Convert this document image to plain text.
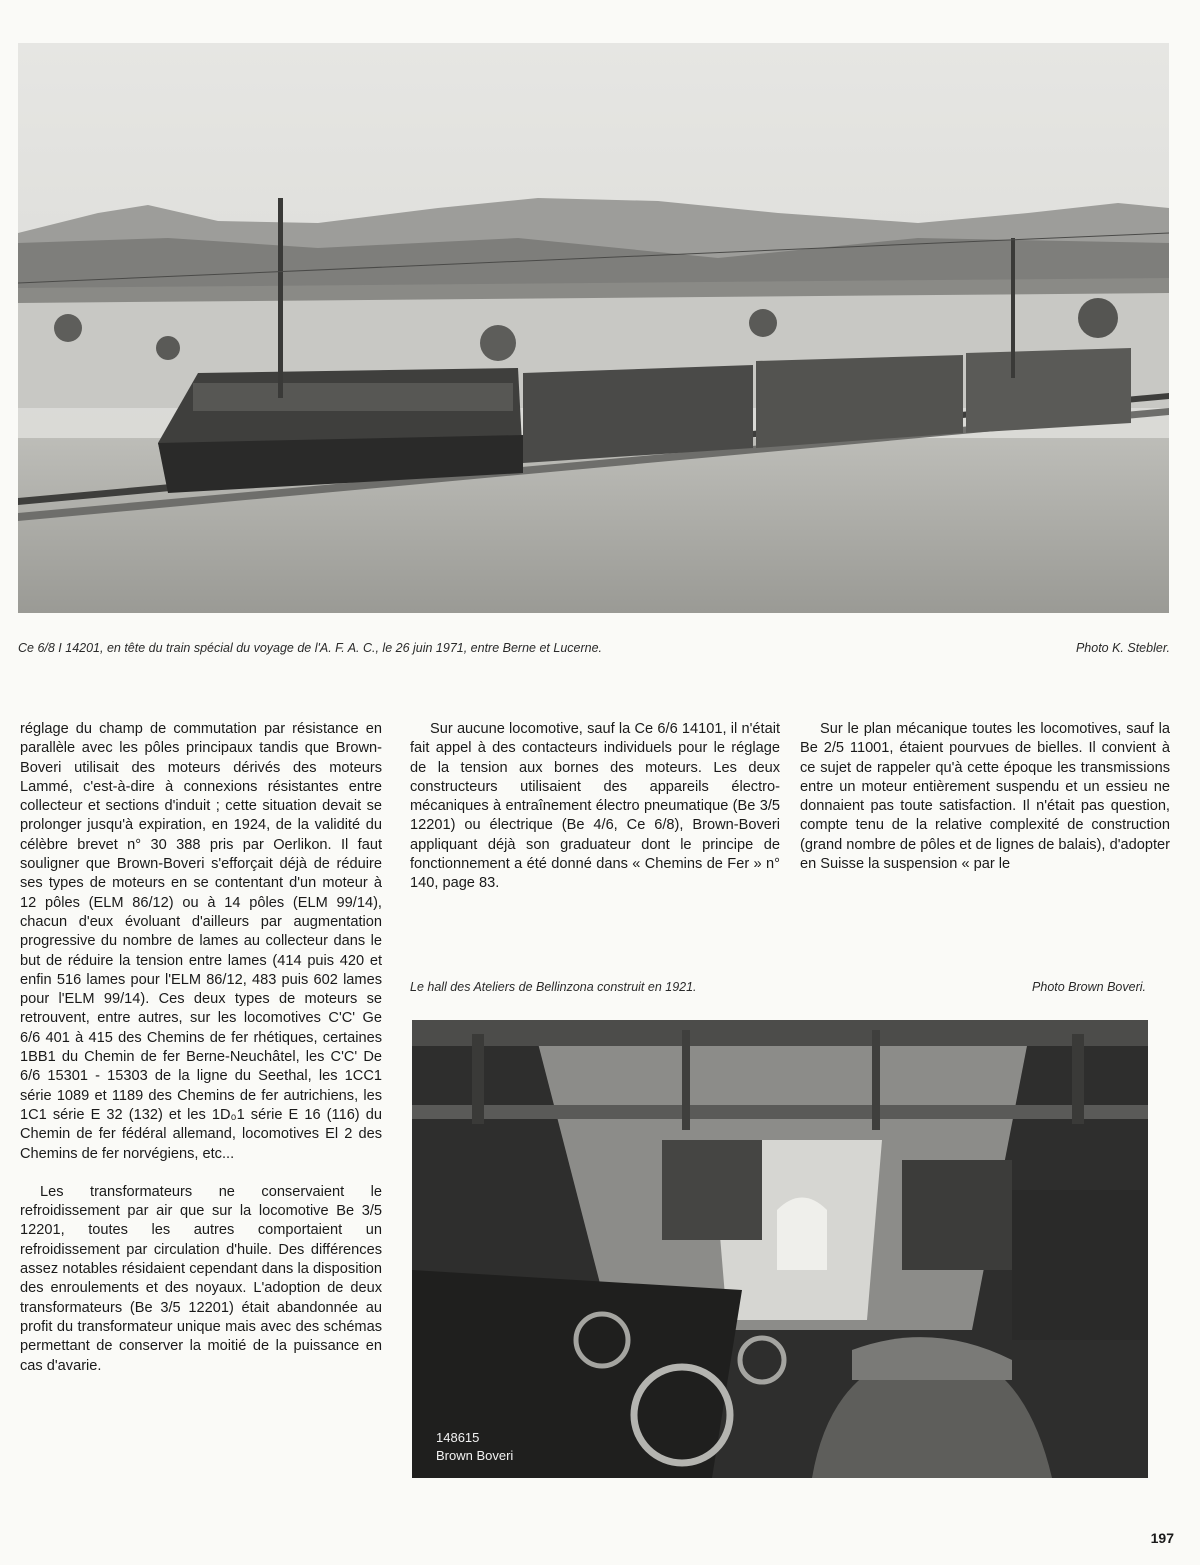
Ce 6/8 I 14201, en tête du train spécial du voyage de l'A. F. A. C., le 26 juin 1971, entre Berne et Lucerne.	Photo K. Stebler.

réglage du champ de commutation par résistance en parallèle avec les pôles principaux tandis que Brown-Boveri utilisait des moteurs dérivés des moteurs Lammé, c'est-à-dire à connexions résistantes entre collecteur et sections d'induit ; cette situation devait se prolonger jusqu'à expiration, en 1924, de la validité du célèbre brevet n° 30 388 pris par Oerlikon. Il faut souligner que Brown-Boveri s'efforçait déjà de réduire ses types de moteurs en se contentant d'un moteur à 12 pôles (ELM 86/12) ou à 14 pôles (ELM 99/14), chacun d'eux évoluant d'ailleurs par augmentation progressive du nombre de lames au collecteur dans le but de réduire la tension entre lames (414 puis 420 et enfin 516 lames pour l'ELM 86/12, 483 puis 602 lames pour l'ELM 99/14). Ces deux types de moteurs se retrouvent, entre autres, sur les locomotives C'C' Ge 6/6 401 à 415 des Chemins de fer rhétiques, certaines 1BB1 du Chemin de fer Berne-Neuchâtel, les C'C' De 6/6 15301 - 15303 de la ligne du Seethal, les 1CC1 série 1089 et 1189 des Chemins de fer autrichiens, les 1C1 série E 32 (132) et les 1D₀1 série E 16 (116) du Chemin de fer fédéral allemand, locomotives El 2 des Chemins de fer norvégiens, etc...

Les transformateurs ne conservaient le refroidissement par air que sur la locomotive Be 3/5 12201, toutes les autres comportaient un refroidissement par circulation d'huile. Des différences assez notables résidaient cependant dans la disposition des enroulements et des noyaux. L'adoption de deux transformateurs (Be 3/5 12201) était abandonnée au profit du transformateur unique mais avec des schémas permettant de conserver la moitié de la puissance en cas d'avarie.

Sur aucune locomotive, sauf la Ce 6/6 14101, il n'était fait appel à des contacteurs individuels pour le réglage de la tension aux bornes des moteurs. Les deux constructeurs utilisaient des appareils électro-mécaniques à entraînement électro pneumatique (Be 3/5 12201) ou électrique (Be 4/6, Ce 6/8), Brown-Boveri appliquant déjà son graduateur dont le principe de fonctionnement a été donné dans « Chemins de Fer » n° 140, page 83.

Sur le plan mécanique toutes les locomotives, sauf la Be 2/5 11001, étaient pourvues de bielles. Il convient à ce sujet de rappeler qu'à cette époque les transmissions entre un moteur entièrement suspendu et un essieu ne donnaient pas toute satisfaction. Il n'était pas question, compte tenu de la relative complexité de construction (grand nombre de pôles et de lignes de balais), d'adopter en Suisse la suspension « par le

Le hall des Ateliers de Bellinzona construit en 1921.	Photo Brown Boveri.
148615
Brown Boveri
197
